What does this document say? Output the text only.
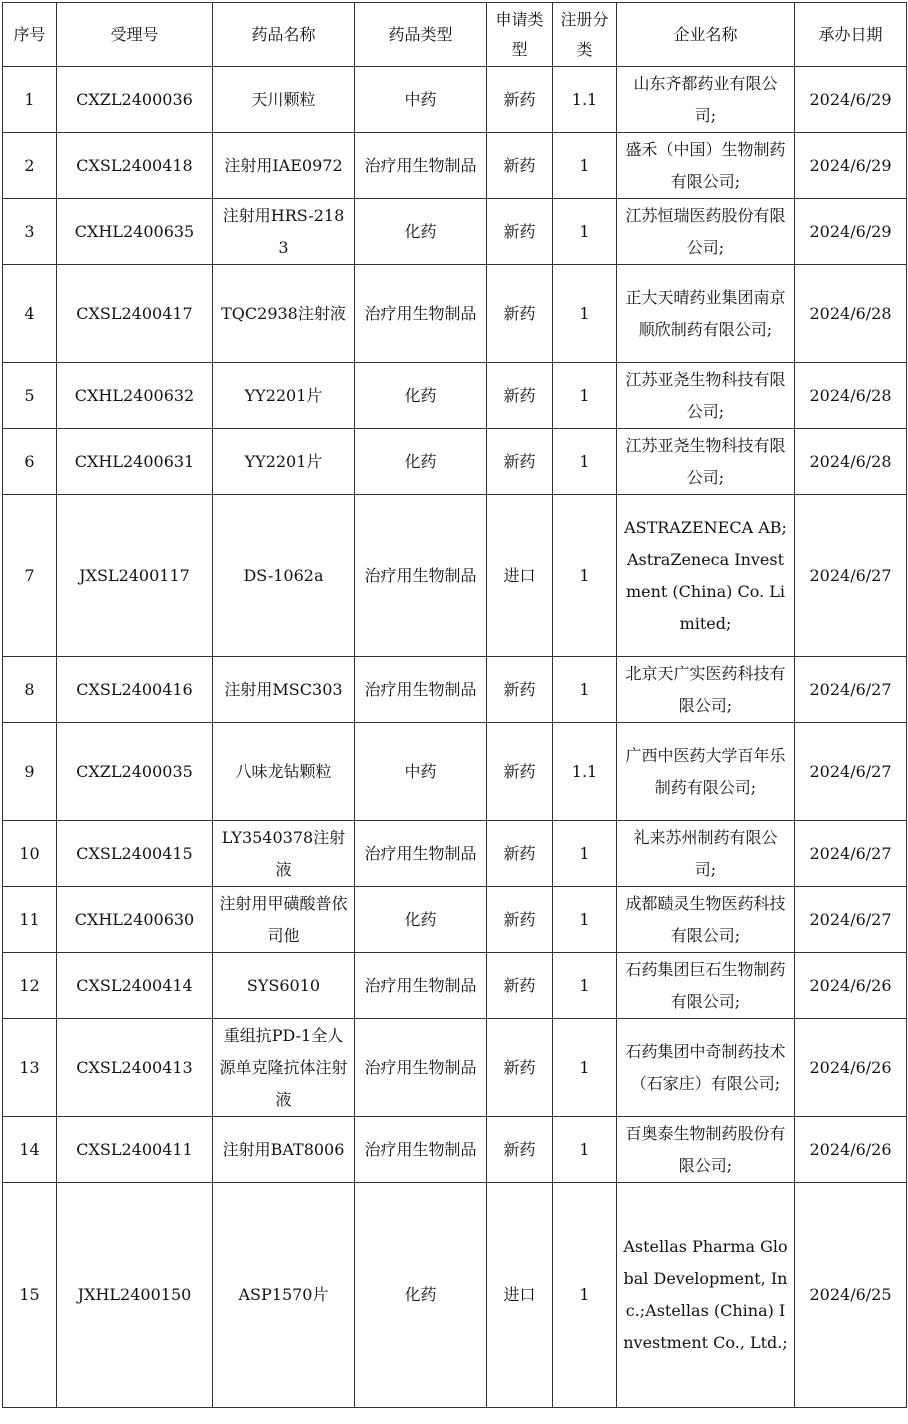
序号	受理号	药品名称	药品类型	申请类型	注册分类	企业名称	承办日期
1	CXZL2400036	天川颗粒	中药	新药	1.1	山东齐都药业有限公司;	2024/6/29
2	CXSL2400418	注射用IAE0972	治疗用生物制品	新药	1	盛禾（中国）生物制药有限公司;	2024/6/29
3	CXHL2400635	注射用HRS-2183	化药	新药	1	江苏恒瑞医药股份有限公司;	2024/6/29
4	CXSL2400417	TQC2938注射液	治疗用生物制品	新药	1	正大天晴药业集团南京顺欣制药有限公司;	2024/6/28
5	CXHL2400632	YY2201片	化药	新药	1	江苏亚尧生物科技有限公司;	2024/6/28
6	CXHL2400631	YY2201片	化药	新药	1	江苏亚尧生物科技有限公司;	2024/6/28
7	JXSL2400117	DS-1062a	治疗用生物制品	进口	1	ASTRAZENECA AB;AstraZeneca Investment (China) Co. Limited;	2024/6/27
8	CXSL2400416	注射用MSC303	治疗用生物制品	新药	1	北京天广实医药科技有限公司;	2024/6/27
9	CXZL2400035	八味龙钻颗粒	中药	新药	1.1	广西中医药大学百年乐制药有限公司;	2024/6/27
10	CXSL2400415	LY3540378注射液	治疗用生物制品	新药	1	礼来苏州制药有限公司;	2024/6/27
11	CXHL2400630	注射用甲磺酸普依司他	化药	新药	1	成都赜灵生物医药科技有限公司;	2024/6/27
12	CXSL2400414	SYS6010	治疗用生物制品	新药	1	石药集团巨石生物制药有限公司;	2024/6/26
13	CXSL2400413	重组抗PD-1全人源单克隆抗体注射液	治疗用生物制品	新药	1	石药集团中奇制药技术（石家庄）有限公司;	2024/6/26
14	CXSL2400411	注射用BAT8006	治疗用生物制品	新药	1	百奥泰生物制药股份有限公司;	2024/6/26
15	JXHL2400150	ASP1570片	化药	进口	1	Astellas Pharma Global Development, Inc.;Astellas (China) Investment Co., Ltd.;	2024/6/25
